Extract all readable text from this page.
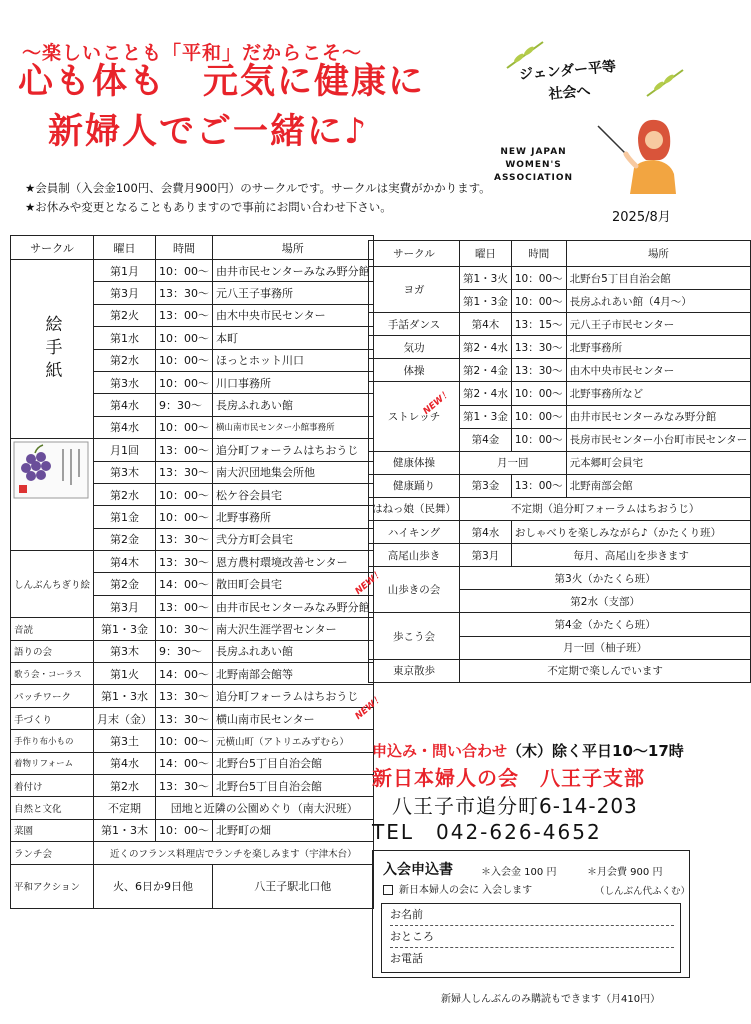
〜楽しいことも「平和」だからこそ〜
心も体も　元気に健康に
新婦人でご一緒に♪
ジェンダー平等
社会へ
NEW JAPAN
WOMEN'S
ASSOCIATION
★会員制（入会金100円、会費月900円）のサークルです。サークルは実費がかかります。
★お休みや変更となることもありますので事前にお問い合わせ下さい。
2025/8月
サークル	曜日	時間	場所
絵手紙	第1月	10：00〜	由井市民センターみなみ野分館
	第3月	13：30〜	元八王子事務所
	第2火	13：00〜	由木中央市民センター
	第1水	10：00〜	本町
	第2水	10：00〜	ほっとホット川口
	第3水	10：00〜	川口事務所
	第4水	9：30〜	長房ふれあい館
	第4水	10：00〜	横山南市民センター小館事務所
	月1回	13：00〜	追分町フォーラムはちおうじ
	第3木	13：30〜	南大沢団地集会所他
	第2水	10：00〜	松ケ谷会員宅
	第1金	10：00〜	北野事務所
	第2金	13：30〜	弐分方町会員宅
しんぶんちぎり絵	第4木	13：30〜	恩方農村環境改善センター
	第2金	14：00〜	散田町会員宅
	第3月	13：00〜	由井市民センターみなみ野分館
音読	第1・3金	10：30〜	南大沢生涯学習センター
語りの会	第3木	9：30〜	長房ふれあい館
歌う会・コーラス	第1火	14：00〜	北野南部会館等
パッチワーク	第1・3水	13：30〜	追分町フォーラムはちおうじ
手づくり	月末（金）	13：30〜	横山南市民センター
手作り布小もの	第3土	10：00〜	元横山町（アトリエみずむら）
着物リフォーム	第4水	14：00〜	北野台5丁目自治会館
着付け	第2水	13：30〜	北野台5丁目自治会館
自然と文化	不定期	団地と近隣の公園めぐり（南大沢班）	
菜園	第1・3木	10：00〜	北野町の畑
ランチ会	近くのフランス料理店でランチを楽しみます（宇津木台）		
平和アクション	火、6日か9日他		八王子駅北口他
サークル	曜日	時間	場所
ヨガ	第1・3火	10：00〜	北野台5丁目自治会館
	第1・3金	10：00〜	長房ふれあい館（4月〜）
手話ダンス	第4木	13：15〜	元八王子市民センター
気功	第2・4水	13：30〜	北野事務所
体操	第2・4金	13：30〜	由木中央市民センター
ストレッチ	第2・4水	10：00〜	北野事務所など
	第1・3金	10：00〜	由井市民センターみなみ野分館
	第4金	10：00〜	長房市民センター小台町市民センター
健康体操	月一回		元本郷町会員宅
健康踊り	第3金	13：00〜	北野南部会館
はねっ娘（民舞）	不定期（追分町フォーラムはちおうじ）		
ハイキング	第4水	おしゃべりを楽しみながら♪（かたくり班）	
高尾山歩き	第3月	毎月、高尾山を歩きます	
山歩きの会	第3火（かたくら班）		
	第2水（支部）		
歩こう会	第4金（かたくら班）		
	月一回（柚子班）		
東京散歩	不定期で楽しんでいます		
NEW！
NEW！
NEW！
申込み・問い合わせ（木）除く平日10〜17時
新日本婦人の会　八王子支部
八王子市追分町6-14-203
TEL　042-626-4652
入会申込書	＊入会金 100 円	＊月会費 900 円
新日本婦人の会に 入会します	（しんぶん代ふくむ）
お名前
おところ
お電話
新婦人しんぶんのみ購読もできます（月410円）
